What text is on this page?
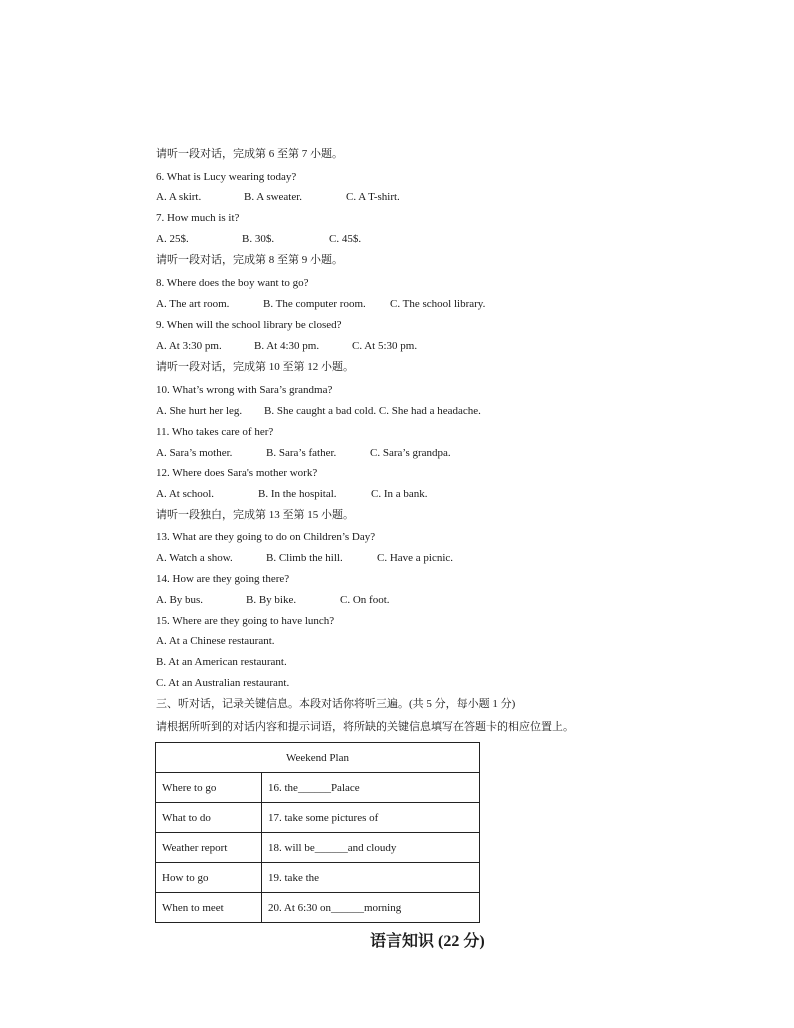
请听一段对话，完成第 6 至第 7 小题。
6. What is Lucy wearing today?
A. A skirt.	B. A sweater.	C. A T-shirt.
7. How much is it?
A. 25$.	B. 30$.	C. 45$.
请听一段对话，完成第 8 至第 9 小题。
8. Where does the boy want to go?
A. The art room.	B. The computer room. C. The school library.
9. When will the school library be closed?
A. At 3:30 pm.	B. At 4:30 pm.	C. At 5:30 pm.
请听一段对话，完成第 10 至第 12 小题。
10. What’s wrong with Sara’s grandma?
A. She hurt her leg. B. She caught a bad cold. C. She had a headache.
11. Who takes care of her?
A. Sara’s mother.	B. Sara’s father.	C. Sara’s grandpa.
12. Where does Sara's mother work?
A. At school.	B. In the hospital.	C. In a bank.
请听一段独白，完成第 13 至第 15 小题。
13. What are they going to do on Children’s Day?
A. Watch a show.	B. Climb the hill.	C. Have a picnic.
14. How are they going there?
A. By bus.	B. By bike.	C. On foot.
15. Where are they going to have lunch?
A. At a Chinese restaurant.
B. At an American restaurant.
C. At an Australian restaurant.
三、听对话，记录关键信息。本段对话你将听三遍。(共 5 分，每小题 1 分)
请根据所听到的对话内容和提示词语，将所缺的关键信息填写在答题卡的相应位置上。
Weekend Plan	
Where to go	16. the______Palace
What to do	17. take some pictures of
Weather report	18. will be______and cloudy
How to go	19. take the
When to meet	20. At 6:30 on______morning
语言知识 (22 分)
